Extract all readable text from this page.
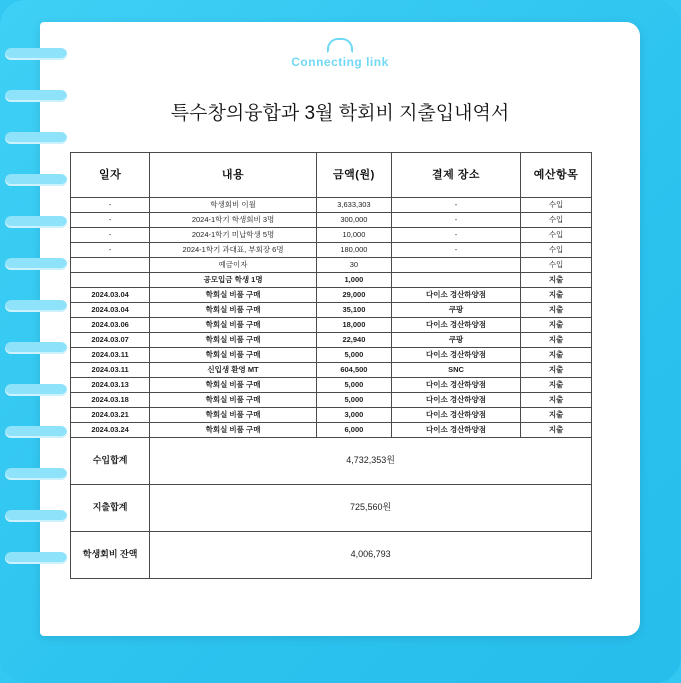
Connecting link
특수창의융합과 3월 학회비 지출입내역서
일자	내용	금액(원)	결제 장소	예산항목
-	학생회비 이월	3,633,303	-	수입
-	2024-1학기 학생회비 3명	300,000	-	수입
-	2024-1학기 미납학생 5명	10,000	-	수입
-	2024-1학기 과대표, 부회장 6명	180,000	-	수입
	예금이자	30		수입
	공모입금 학생 1명	1,000		지출
2024.03.04	학회실 비품 구매	29,000	다이소 경산하양점	지출
2024.03.04	학회실 비품 구매	35,100	쿠팡	지출
2024.03.06	학회실 비품 구매	18,000	다이소 경산하양점	지출
2024.03.07	학회실 비품 구매	22,940	쿠팡	지출
2024.03.11	학회실 비품 구매	5,000	다이소 경산하양점	지출
2024.03.11	신입생 환영 MT	604,500	SNC	지출
2024.03.13	학회실 비품 구매	5,000	다이소 경산하양점	지출
2024.03.18	학회실 비품 구매	5,000	다이소 경산하양점	지출
2024.03.21	학회실 비품 구매	3,000	다이소 경산하양점	지출
2024.03.24	학회실 비품 구매	6,000	다이소 경산하양점	지출
수입합계	4,732,353원			
지출합계	725,560원			
학생회비 잔액	4,006,793			
